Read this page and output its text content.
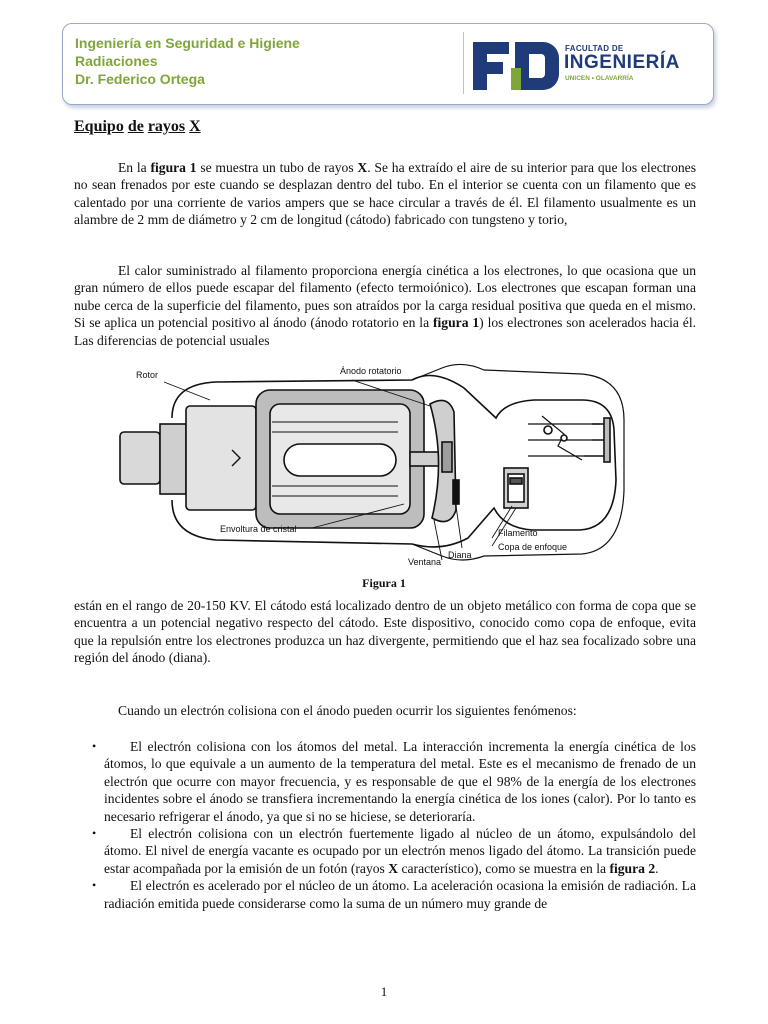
Ingeniería en Seguridad e Higiene
Radiaciones
Dr. Federico Ortega
FACULTAD DE
INGENIERÍA
UNICEN • OLAVARRÍA
Equipo de rayos X

En la figura 1 se muestra un tubo de rayos X. Se ha extraído el aire de su interior para que los electrones no sean frenados por este cuando se desplazan dentro del tubo. En el interior se cuenta con un filamento que es calentado por una corriente de varios ampers que se hace circular a través de él. El filamento usualmente es un alambre de 2 mm de diámetro y 2 cm de longitud (cátodo) fabricado con tungsteno y torio,

El calor suministrado al filamento proporciona energía cinética a los electrones, lo que ocasiona que un gran número de ellos puede escapar del filamento (efecto termoiónico). Los electrones que escapan forman una nube cerca de la superficie del filamento, pues son atraídos por la carga residual positiva que queda en el mismo. Si se aplica un potencial positivo al ánodo (ánodo rotatorio en la figura 1) los electrones son acelerados hacia él. Las diferencias de potencial usuales

Rotor	Ánodo rotatorio
Envoltura de cristal	Filamento
Copa de enfoque
Diana
Ventana
Figura 1

están en el rango de 20-150 KV. El cátodo está localizado dentro de un objeto metálico con forma de copa que se encuentra a un potencial negativo respecto del cátodo. Este dispositivo, conocido como copa de enfoque, evita que la repulsión entre los electrones produzca un haz divergente, permitiendo que el haz sea focalizado sobre una región del ánodo (diana).

Cuando un electrón colisiona con el ánodo pueden ocurrir los siguientes fenómenos:

• El electrón colisiona con los átomos del metal. La interacción incrementa la energía cinética de los átomos, lo que equivale a un aumento de la temperatura del metal. Este es el mecanismo de frenado de un electrón que ocurre con mayor frecuencia, y es responsable de que el 98% de la energía de los electrones incidentes sobre el ánodo se transfiera incrementando la energía cinética de los iones (calor). Por lo tanto es necesario refrigerar el ánodo, ya que si no se hiciese, se deterioraría.
• El electrón colisiona con un electrón fuertemente ligado al núcleo de un átomo, expulsándolo del átomo. El nivel de energía vacante es ocupado por un electrón menos ligado del átomo. La transición puede estar acompañada por la emisión de un fotón (rayos X característico), como se muestra en la figura 2.
• El electrón es acelerado por el núcleo de un átomo. La aceleración ocasiona la emisión de radiación. La radiación emitida puede considerarse como la suma de un número muy grande de
1
